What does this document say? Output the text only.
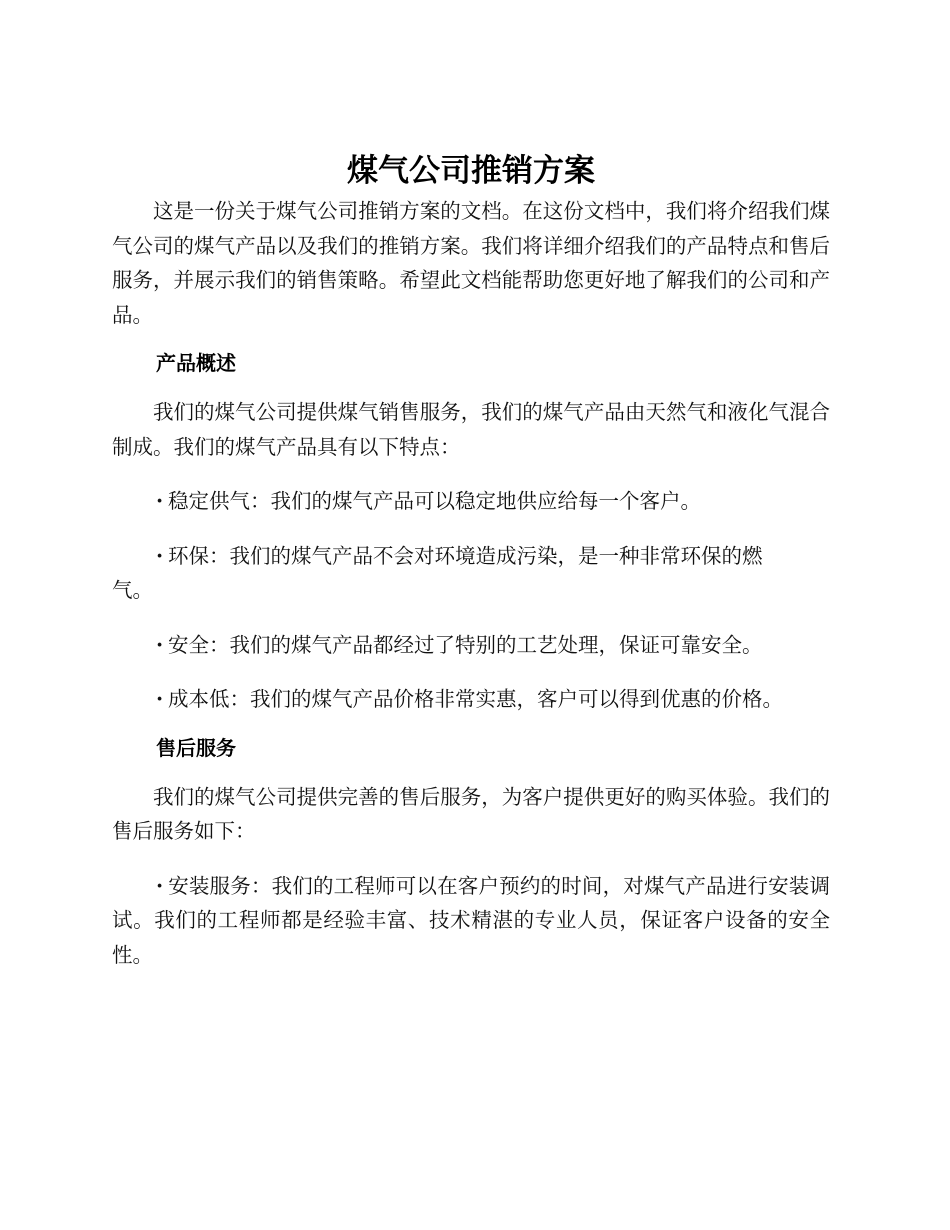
煤气公司推销方案

这是一份关于煤气公司推销方案的文档。在这份文档中，我们将介绍我们煤气公司的煤气产品以及我们的推销方案。我们将详细介绍我们的产品特点和售后服务，并展示我们的销售策略。希望此文档能帮助您更好地了解我们的公司和产品。

产品概述

我们的煤气公司提供煤气销售服务，我们的煤气产品由天然气和液化气混合制成。我们的煤气产品具有以下特点：

·稳定供气：我们的煤气产品可以稳定地供应给每一个客户。

·环保：我们的煤气产品不会对环境造成污染，是一种非常环保的燃气。

·安全：我们的煤气产品都经过了特别的工艺处理，保证可靠安全。

·成本低：我们的煤气产品价格非常实惠，客户可以得到优惠的价格。

售后服务

我们的煤气公司提供完善的售后服务，为客户提供更好的购买体验。我们的售后服务如下：

·安装服务：我们的工程师可以在客户预约的时间，对煤气产品进行安装调试。我们的工程师都是经验丰富、技术精湛的专业人员，保证客户设备的安全性。
